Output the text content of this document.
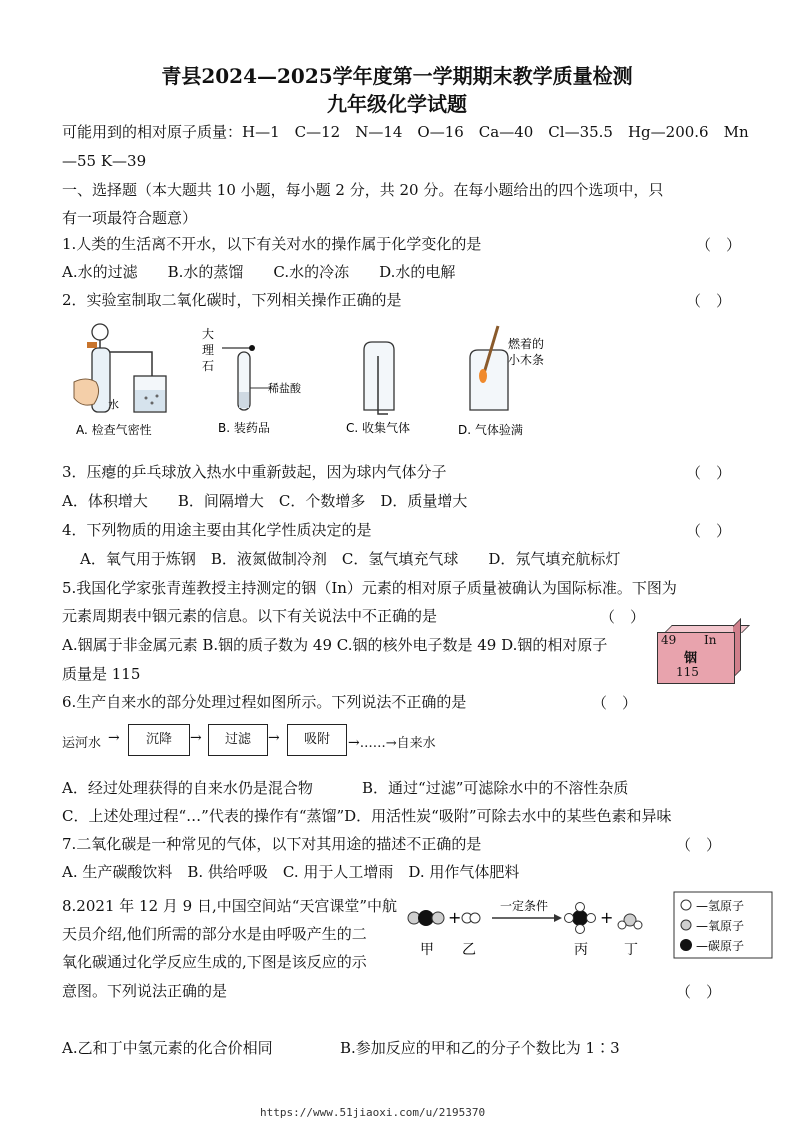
青县2024—2025学年度第一学期期末教学质量检测
九年级化学试题
可能用到的相对原子质量：H—1　C—12　N—14　O—16　Ca—40　Cl—35.5　Hg—200.6　Mn
—55 K—39
一、选择题（本大题共 10 小题，每小题 2 分，共 20 分。在每小题给出的四个选项中，只
有一项最符合题意）
1.人类的生活离不开水，以下有关对水的操作属于化学变化的是	（　）
A.水的过滤　　B.水的蒸馏　　C.水的冷冻　　D.水的电解
2．实验室制取二氧化碳时，下列相关操作正确的是	（　）
水
大
理
石
稀盐酸
燃着的
小木条
A. 检查气密性	B. 装药品	C. 收集气体	D. 气体验满
3．压瘪的乒乓球放入热水中重新鼓起，因为球内气体分子	（　）
A．体积增大　　B．间隔增大　C．个数增多　D．质量增大
4．下列物质的用途主要由其化学性质决定的是	（　）
A．氧气用于炼钢　B．液氮做制冷剂　C．氢气填充气球　　D．氖气填充航标灯
5.我国化学家张青莲教授主持测定的铟（In）元素的相对原子质量被确认为国际标准。下图为
元素周期表中铟元素的信息。以下有关说法中不正确的是	（　）
A.铟属于非金属元素 B.铟的质子数为 49 C.铟的核外电子数是 49 D.铟的相对原子
质量是 115
49 In
铟
115
6.生产自来水的部分处理过程如图所示。下列说法不正确的是	（　）
运河水 →	沉降	→	过滤	→	吸附	→……→自来水
A．经过处理获得的自来水仍是混合物	B．通过“过滤”可滤除水中的不溶性杂质
C．上述处理过程“…”代表的操作有“蒸馏”D．用活性炭“吸附”可除去水中的某些色素和异味
7.二氧化碳是一种常见的气体，以下对其用途的描述不正确的是	（　）
A. 生产碳酸饮料　B. 供给呼吸　C. 用于人工增雨　D. 用作气体肥料
8.2021 年 12 月 9 日,中国空间站“天宫课堂”中航
天员介绍,他们所需的部分水是由呼吸产生的二
氧化碳通过化学反应生成的,下图是该反应的示
意图。下列说法正确的是	（　）
+
一定条件
+
甲 乙	丙	丁
—氢原子
—氧原子
—碳原子
A.乙和丁中氢元素的化合价相同	B.参加反应的甲和乙的分子个数比为 1∶3
https://www.51jiaoxi.com/u/2195370
